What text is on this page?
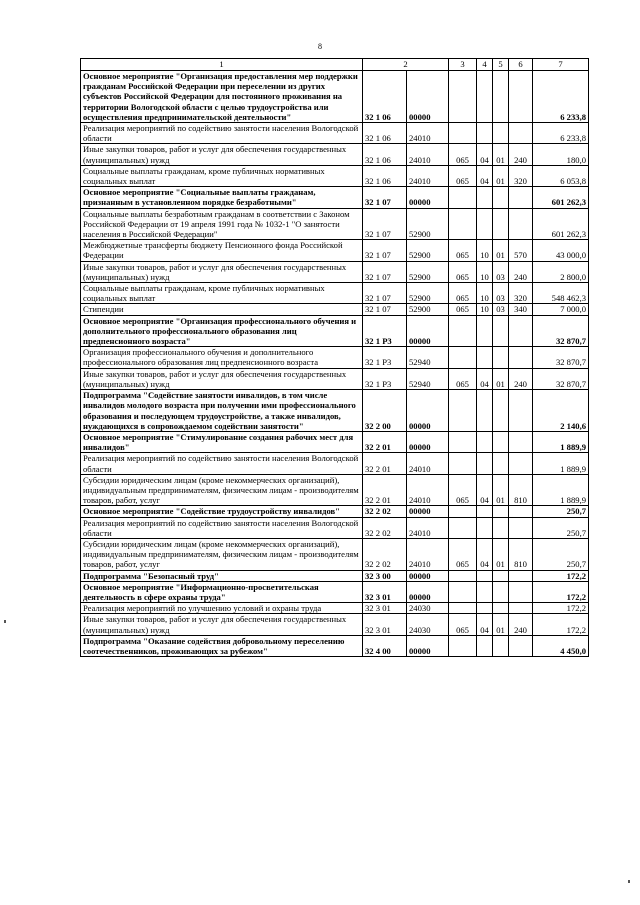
8
1	2		3	4	5	6	7
Основное мероприятие "Организация предоставления мер поддержки гражданам Российской Федерации при переселении из других субъектов Российской Федерации для постоянного проживания на территории Вологодской области с целью трудоустройства или осуществления предпринимательской деятельности"	32 1 06	00000					6 233,8
Реализация мероприятий по содействию занятости населения Вологодской области	32 1 06	24010					6 233,8
Иные закупки товаров, работ и услуг для обеспечения государственных (муниципальных) нужд	32 1 06	24010	065	04	01	240	180,0
Социальные выплаты гражданам, кроме публичных нормативных социальных выплат	32 1 06	24010	065	04	01	320	6 053,8
Основное мероприятие "Социальные выплаты гражданам, признанным в установленном порядке безработными"	32 1 07	00000					601 262,3
Социальные выплаты безработным гражданам в соответствии с Законом Российской Федерации от 19 апреля 1991 года № 1032-1 "О занятости населения в Российской Федерации"	32 1 07	52900					601 262,3
Межбюджетные трансферты бюджету Пенсионного фонда Российской Федерации	32 1 07	52900	065	10	01	570	43 000,0
Иные закупки товаров, работ и услуг для обеспечения государственных (муниципальных) нужд	32 1 07	52900	065	10	03	240	2 800,0
Социальные выплаты гражданам, кроме публичных нормативных социальных выплат	32 1 07	52900	065	10	03	320	548 462,3
Стипендии	32 1 07	52900	065	10	03	340	7 000,0
Основное мероприятие "Организация профессионального обучения и дополнительного профессионального образования лиц предпенсионного возраста"	32 1 P3	00000					32 870,7
Организация профессионального обучения и дополнительного профессионального образования лиц предпенсионного возраста	32 1 P3	52940					32 870,7
Иные закупки товаров, работ и услуг для обеспечения государственных (муниципальных) нужд	32 1 P3	52940	065	04	01	240	32 870,7
Подпрограмма "Содействие занятости инвалидов, в том числе инвалидов молодого возраста при получении ими профессионального образования и последующем трудоустройстве, а также инвалидов, нуждающихся в сопровождаемом содействии занятости"	32 2 00	00000					2 140,6
Основное мероприятие "Стимулирование создания рабочих мест для инвалидов"	32 2 01	00000					1 889,9
Реализация мероприятий по содействию занятости населения Вологодской области	32 2 01	24010					1 889,9
Субсидии юридическим лицам (кроме некоммерческих организаций), индивидуальным предпринимателям, физическим лицам - производителям товаров, работ, услуг	32 2 01	24010	065	04	01	810	1 889,9
Основное мероприятие "Содействие трудоустройству инвалидов"	32 2 02	00000					250,7
Реализация мероприятий по содействию занятости населения Вологодской области	32 2 02	24010					250,7
Субсидии юридическим лицам (кроме некоммерческих организаций), индивидуальным предпринимателям, физическим лицам - производителям товаров, работ, услуг	32 2 02	24010	065	04	01	810	250,7
Подпрограмма "Безопасный труд"	32 3 00	00000					172,2
Основное мероприятие "Информационно-просветительская деятельность в сфере охраны труда"	32 3 01	00000					172,2
Реализация мероприятий по улучшению условий и охраны труда	32 3 01	24030					172,2
Иные закупки товаров, работ и услуг для обеспечения государственных (муниципальных) нужд	32 3 01	24030	065	04	01	240	172,2
Подпрограмма "Оказание содействия добровольному переселению соотечественников, проживающих за рубежом"	32 4 00	00000					4 450,0
